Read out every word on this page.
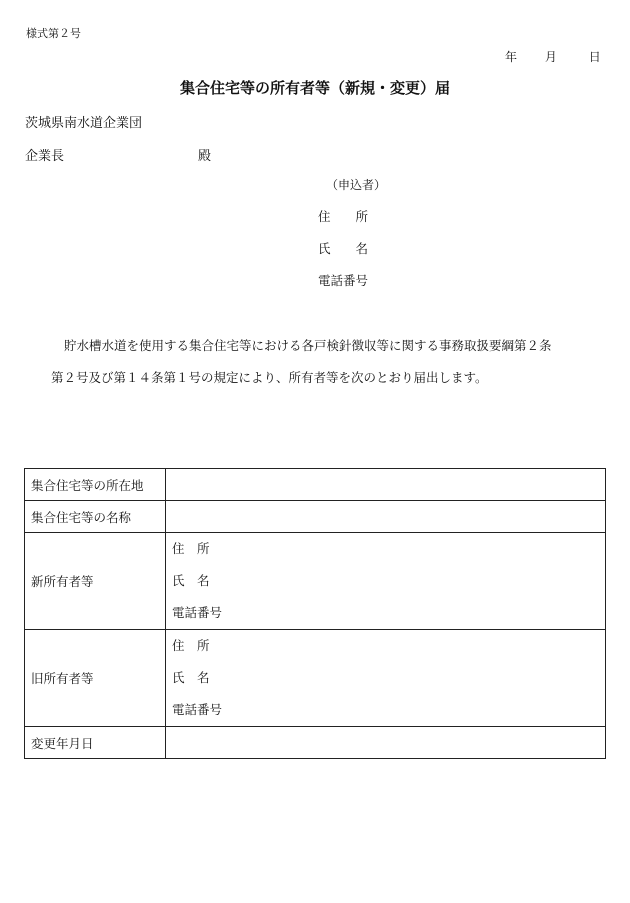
様式第２号
年 月	日
集合住宅等の所有者等（新規・変更）届
茨城県南水道企業団
企業長	殿
（申込者）
住　　所
氏　　名
電話番号
貯水槽水道を使用する集合住宅等における各戸検針徴収等に関する事務取扱要綱第２条
第２号及び第１４条第１号の規定により、所有者等を次のとおり届出します。
集合住宅等の所在地	
集合住宅等の名称	
新所有者等	住　所
氏　名
電話番号

旧所有者等	住　所
氏　名
電話番号

変更年月日	
